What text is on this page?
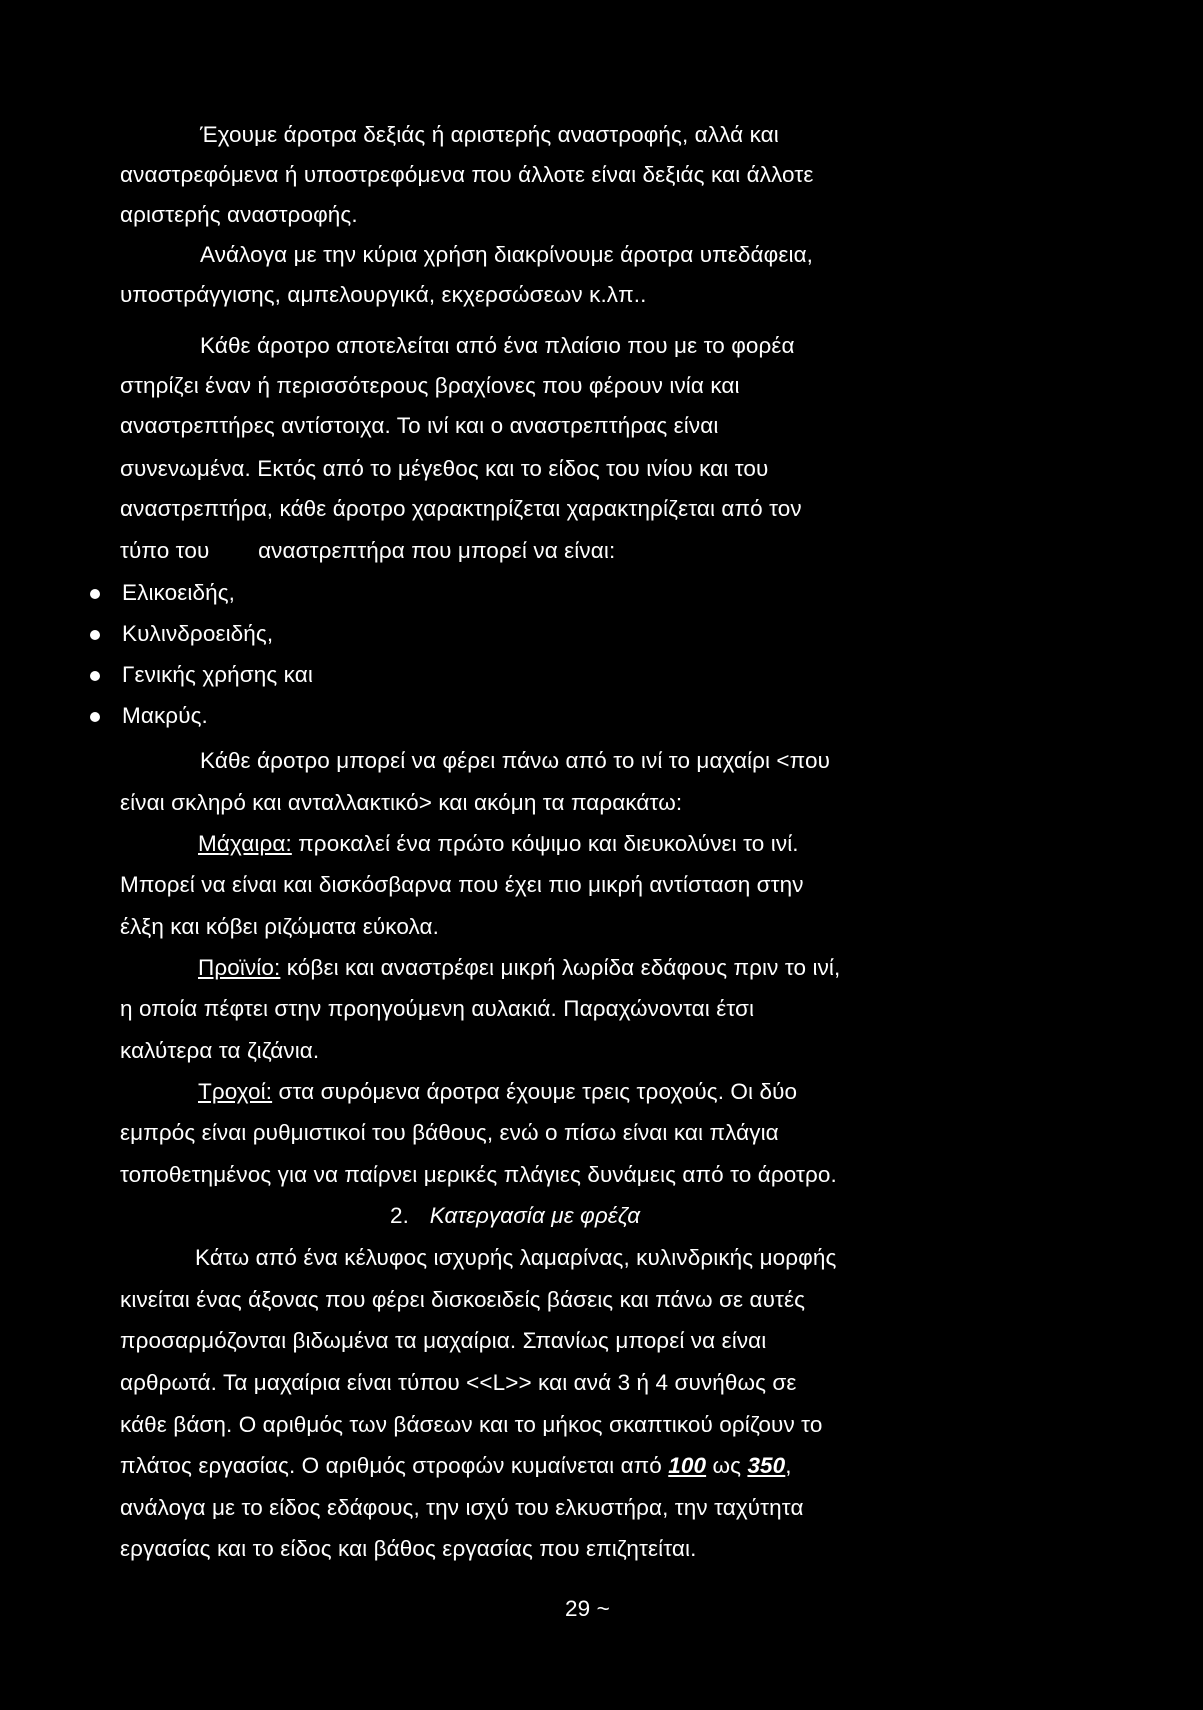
Έχουμε άροτρα δεξιάς ή αριστερής αναστροφής, αλλά και
αναστρεφόμενα ή υποστρεφόμενα που άλλοτε είναι δεξιάς και άλλοτε
αριστερής αναστροφής.
Ανάλογα με την κύρια χρήση διακρίνουμε άροτρα υπεδάφεια,
υποστράγγισης, αμπελουργικά, εκχερσώσεων κ.λπ..
Κάθε άροτρο αποτελείται από ένα πλαίσιο που με το φορέα
στηρίζει έναν ή περισσότερους βραχίονες που φέρουν ινία και
αναστρεπτήρες αντίστοιχα. Το ινί και ο αναστρεπτήρας είναι
συνενωμένα. Εκτός από το μέγεθος και το είδος του ινίου και του
αναστρεπτήρα, κάθε άροτρο χαρακτηρίζεται χαρακτηρίζεται από τον
τύπο του αναστρεπτήρα που μπορεί να είναι:
Ελικοειδής,
Κυλινδροειδής,
Γενικής χρήσης και
Μακρύς.
Κάθε άροτρο μπορεί να φέρει πάνω από το ινί το μαχαίρι <που
είναι σκληρό και ανταλλακτικό> και ακόμη τα παρακάτω:
Μάχαιρα: προκαλεί ένα πρώτο κόψιμο και διευκολύνει το ινί.
Μπορεί να είναι και δισκόσβαρνα που έχει πιο μικρή αντίσταση στην
έλξη και κόβει ριζώματα εύκολα.
Προϊνίο: κόβει και αναστρέφει μικρή λωρίδα εδάφους πριν το ινί,
η οποία πέφτει στην προηγούμενη αυλακιά. Παραχώνονται έτσι
καλύτερα τα ζιζάνια.
Τροχοί: στα συρόμενα άροτρα έχουμε τρεις τροχούς. Οι δύο
εμπρός είναι ρυθμιστικοί του βάθους, ενώ ο πίσω είναι και πλάγια
τοποθετημένος για να παίρνει μερικές πλάγιες δυνάμεις από το άροτρο.
2. Κατεργασία με φρέζα
Κάτω από ένα κέλυφος ισχυρής λαμαρίνας, κυλινδρικής μορφής
κινείται ένας άξονας που φέρει δισκοειδείς βάσεις και πάνω σε αυτές
προσαρμόζονται βιδωμένα τα μαχαίρια. Σπανίως μπορεί να είναι
αρθρωτά. Τα μαχαίρια είναι τύπου <<L>> και ανά 3 ή 4 συνήθως σε
κάθε βάση. Ο αριθμός των βάσεων και το μήκος σκαπτικού ορίζουν το
πλάτος εργασίας. Ο αριθμός στροφών κυμαίνεται από 100 ως 350,
ανάλογα με το είδος εδάφους, την ισχύ του ελκυστήρα, την ταχύτητα
εργασίας και το είδος και βάθος εργασίας που επιζητείται.
29 ~
